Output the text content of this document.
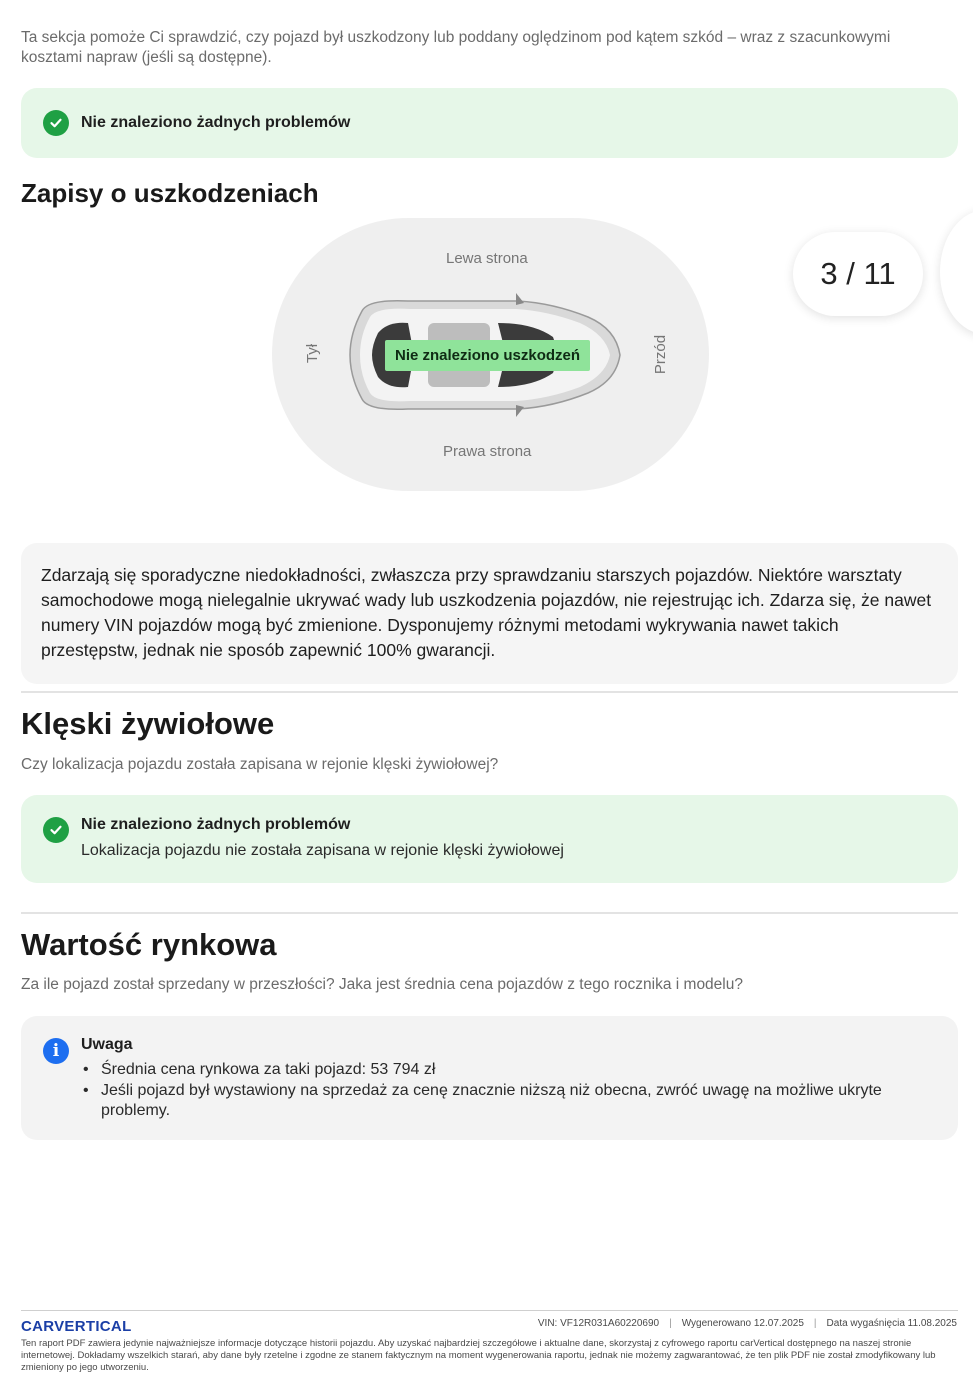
Ta sekcja pomoże Ci sprawdzić, czy pojazd był uszkodzony lub poddany oględzinom pod kątem szkód – wraz z szacunkowymi kosztami napraw (jeśli są dostępne).

Nie znaleziono żadnych problemów
Zapisy o uszkodzeniach
Lewa strona
Prawa strona
Tył	Przód
Nie znaleziono uszkodzeń
3 / 11
Zdarzają się sporadyczne niedokładności, zwłaszcza przy sprawdzaniu starszych pojazdów. Niektóre warsztaty samochodowe mogą nielegalnie ukrywać wady lub uszkodzenia pojazdów, nie rejestrując ich. Zdarza się, że nawet numery VIN pojazdów mogą być zmienione. Dysponujemy różnymi metodami wykrywania nawet takich przestępstw, jednak nie sposób zapewnić 100% gwarancji.
Klęski żywiołowe

Czy lokalizacja pojazdu została zapisana w rejonie klęski żywiołowej?

Nie znaleziono żadnych problemów
Lokalizacja pojazdu nie została zapisana w rejonie klęski żywiołowej
Wartość rynkowa

Za ile pojazd został sprzedany w przeszłości? Jaka jest średnia cena pojazdów z tego rocznika i modelu?

i	Uwaga
• Średnia cena rynkowa za taki pojazd: 53 794 zł
• Jeśli pojazd był wystawiony na sprzedaż za cenę znacznie niższą niż obecna, zwróć uwagę na możliwe ukryte problemy.
CARVERTICAL	VIN: VF12R031A60220690 | Wygenerowano 12.07.2025 | Data wygaśnięcia 11.08.2025

Ten raport PDF zawiera jedynie najważniejsze informacje dotyczące historii pojazdu. Aby uzyskać najbardziej szczegółowe i aktualne dane, skorzystaj z cyfrowego raportu carVertical dostępnego na naszej stronie internetowej. Dokładamy wszelkich starań, aby dane były rzetelne i zgodne ze stanem faktycznym na moment wygenerowania raportu, jednak nie możemy zagwarantować, że ten plik PDF nie został zmodyfikowany lub zmieniony po jego utworzeniu.
